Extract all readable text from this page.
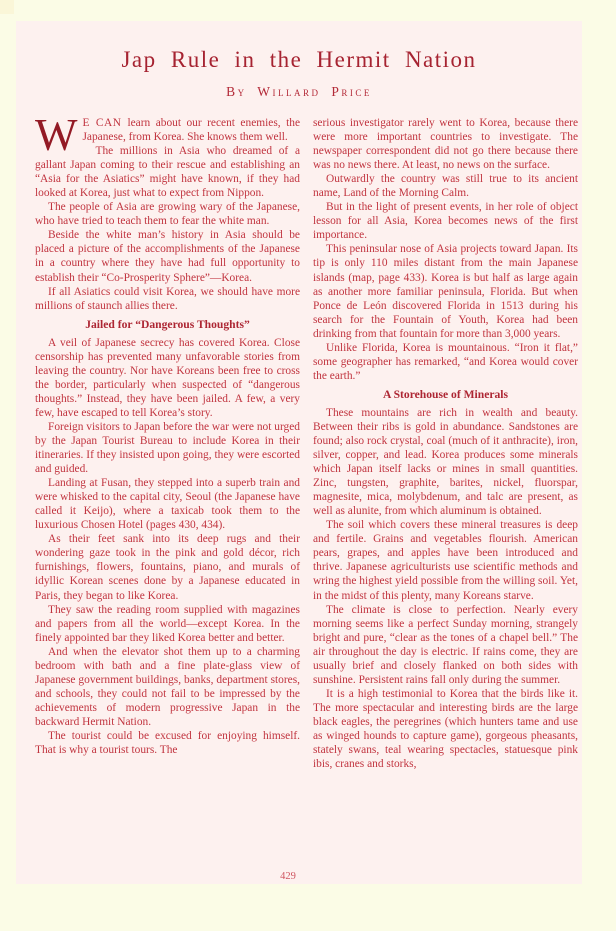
Jap Rule in the Hermit Nation
By Willard Price

W E CAN learn about our recent enemies, the Japanese, from Korea. She knows them well.

The millions in Asia who dreamed of a gallant Japan coming to their rescue and establishing an “Asia for the Asiatics” might have known, if they had looked at Korea, just what to expect from Nippon.

The people of Asia are growing wary of the Japanese, who have tried to teach them to fear the white man.

Beside the white man’s history in Asia should be placed a picture of the accomplishments of the Japanese in a country where they have had full opportunity to establish their “Co-Prosperity Sphere”—Korea.

If all Asiatics could visit Korea, we should have more millions of staunch allies there.

Jailed for “Dangerous Thoughts”

A veil of Japanese secrecy has covered Korea. Close censorship has prevented many unfavorable stories from leaving the country. Nor have Koreans been free to cross the border, particularly when suspected of “dangerous thoughts.” Instead, they have been jailed. A few, a very few, have escaped to tell Korea’s story.

Foreign visitors to Japan before the war were not urged by the Japan Tourist Bureau to include Korea in their itineraries. If they insisted upon going, they were escorted and guided.

Landing at Fusan, they stepped into a superb train and were whisked to the capital city, Seoul (the Japanese have called it Keijo), where a taxicab took them to the luxurious Chosen Hotel (pages 430, 434).

As their feet sank into its deep rugs and their wondering gaze took in the pink and gold décor, rich furnishings, flowers, fountains, piano, and murals of idyllic Korean scenes done by a Japanese educated in Paris, they began to like Korea.

They saw the reading room supplied with magazines and papers from all the world—except Korea. In the finely appointed bar they liked Korea better and better.

And when the elevator shot them up to a charming bedroom with bath and a fine plate-glass view of Japanese government buildings, banks, department stores, and schools, they could not fail to be impressed by the achievements of modern progressive Japan in the backward Hermit Nation.

The tourist could be excused for enjoying himself. That is why a tourist tours. The

serious investigator rarely went to Korea, because there were more important countries to investigate. The newspaper correspondent did not go there because there was no news there. At least, no news on the surface.

Outwardly the country was still true to its ancient name, Land of the Morning Calm.

But in the light of present events, in her role of object lesson for all Asia, Korea becomes news of the first importance.

This peninsular nose of Asia projects toward Japan. Its tip is only 110 miles distant from the main Japanese islands (map, page 433). Korea is but half as large again as another more familiar peninsula, Florida. But when Ponce de León discovered Florida in 1513 during his search for the Fountain of Youth, Korea had been drinking from that fountain for more than 3,000 years.

Unlike Florida, Korea is mountainous. “Iron it flat,” some geographer has remarked, “and Korea would cover the earth.”

A Storehouse of Minerals

These mountains are rich in wealth and beauty. Between their ribs is gold in abundance. Sandstones are found; also rock crystal, coal (much of it anthracite), iron, silver, copper, and lead. Korea produces some minerals which Japan itself lacks or mines in small quantities. Zinc, tungsten, graphite, barites, nickel, fluorspar, magnesite, mica, molybdenum, and talc are present, as well as alunite, from which aluminum is obtained.

The soil which covers these mineral treasures is deep and fertile. Grains and vegetables flourish. American pears, grapes, and apples have been introduced and thrive. Japanese agriculturists use scientific methods and wring the highest yield possible from the willing soil. Yet, in the midst of this plenty, many Koreans starve.

The climate is close to perfection. Nearly every morning seems like a perfect Sunday morning, strangely bright and pure, “clear as the tones of a chapel bell.” The air throughout the day is electric. If rains come, they are usually brief and closely flanked on both sides with sunshine. Persistent rains fall only during the summer.

It is a high testimonial to Korea that the birds like it. The more spectacular and interesting birds are the large black eagles, the peregrines (which hunters tame and use as winged hounds to capture game), gorgeous pheasants, stately swans, teal wearing spectacles, statuesque pink ibis, cranes and storks,

429
